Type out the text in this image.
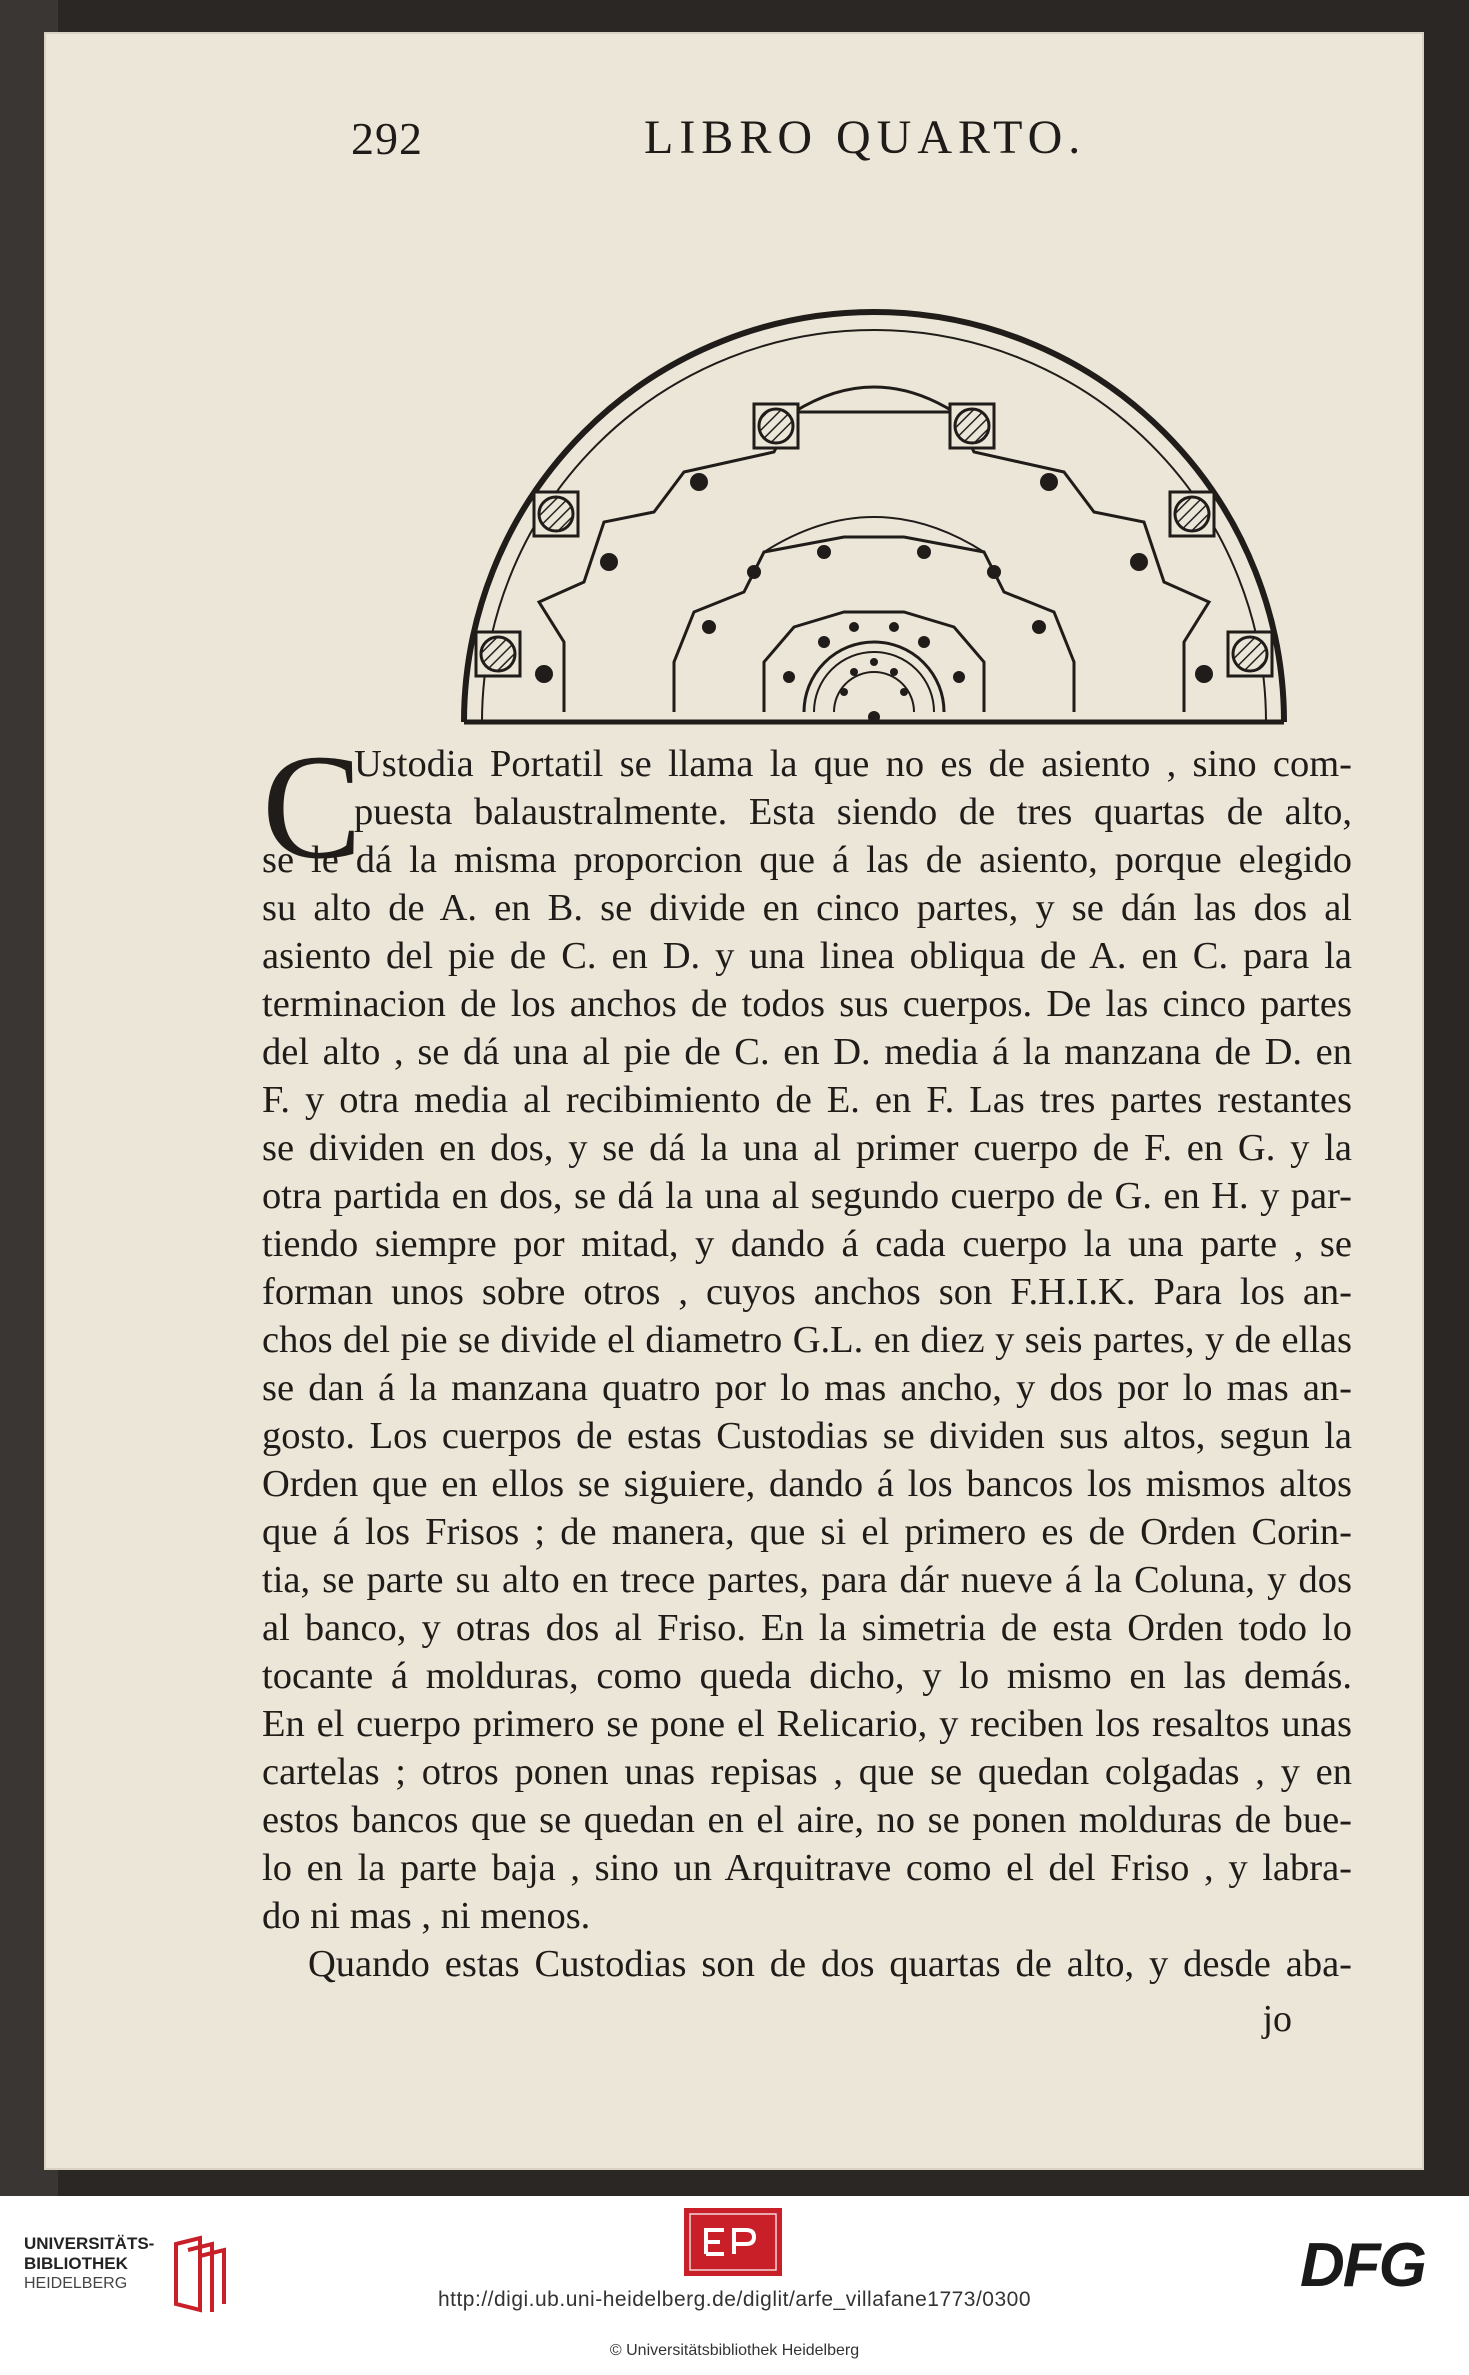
292	LIBRO QUARTO.
jo
C
Ustodia Portatil se llama la que no es de asiento , sino com-
puesta balaustralmente. Esta siendo de tres quartas de alto,
se le dá la misma proporcion que á las de asiento, porque elegido
su alto de A. en B. se divide en cinco partes, y se dán las dos al
asiento del pie de C. en D. y una linea obliqua de A. en C. para la
terminacion de los anchos de todos sus cuerpos. De las cinco partes
del alto , se dá una al pie de C. en D. media á la manzana de D. en
F. y otra media al recibimiento de E. en F. Las tres partes restantes
se dividen en dos, y se dá la una al primer cuerpo de F. en G. y la
otra partida en dos, se dá la una al segundo cuerpo de G. en H. y par-
tiendo siempre por mitad, y dando á cada cuerpo la una parte , se
forman unos sobre otros , cuyos anchos son F.H.I.K. Para los an-
chos del pie se divide el diametro G.L. en diez y seis partes, y de ellas
se dan á la manzana quatro por lo mas ancho, y dos por lo mas an-
gosto. Los cuerpos de estas Custodias se dividen sus altos, segun la
Orden que en ellos se siguiere, dando á los bancos los mismos altos
que á los Frisos ; de manera, que si el primero es de Orden Corin-
tia, se parte su alto en trece partes, para dár nueve á la Coluna, y dos
al banco, y otras dos al Friso. En la simetria de esta Orden todo lo
tocante á molduras, como queda dicho, y lo mismo en las demás.
En el cuerpo primero se pone el Relicario, y reciben los resaltos unas
cartelas ; otros ponen unas repisas , que se quedan colgadas , y en
estos bancos que se quedan en el aire, no se ponen molduras de bue-
lo en la parte baja , sino un Arquitrave como el del Friso , y labra-
do ni mas , ni menos.
Quando estas Custodias son de dos quartas de alto, y desde aba-
UNIVERSITÄTS-
BIBLIOTHEK
HEIDELBERG	DFG
http://digi.ub.uni-heidelberg.de/diglit/arfe_villafane1773/0300
© Universitätsbibliothek Heidelberg
